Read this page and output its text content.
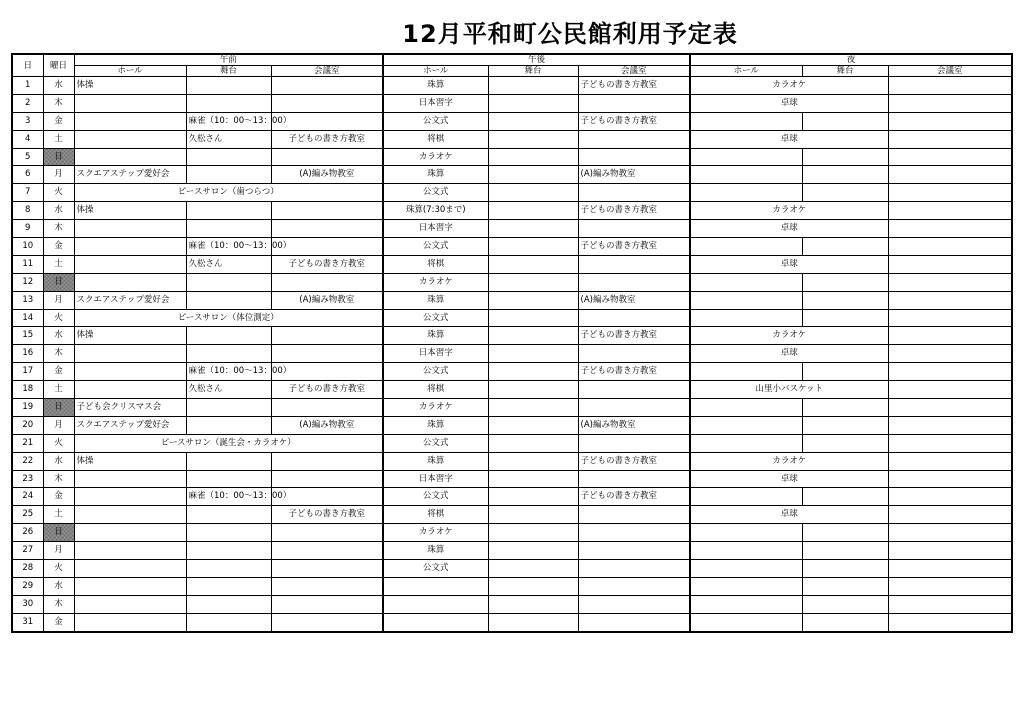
12月平和町公民館利用予定表
日	曜日	午前			午後			夜		
		ホール	舞台	会議室	ホール	舞台	会議室	ホール	舞台	会議室
1	水	体操			珠算		子どもの書き方教室	カラオケ		
2	木				日本習字			卓球		
3	金		麻雀（10：00～13：00）		公文式		子どもの書き方教室			
4	土		久松さん	子どもの書き方教室	将棋			卓球		
5	日				カラオケ					
6	月	スクエアステップ愛好会		(A)編み物教室	珠算		(A)編み物教室			
7	火	ピースサロン（歯つらつ）			公文式					
8	水	体操			珠算(7:30まで)		子どもの書き方教室	カラオケ		
9	木				日本習字			卓球		
10	金		麻雀（10：00～13：00）		公文式		子どもの書き方教室			
11	土		久松さん	子どもの書き方教室	将棋			卓球		
12	日				カラオケ					
13	月	スクエアステップ愛好会		(A)編み物教室	珠算		(A)編み物教室			
14	火	ピースサロン（体位測定）			公文式					
15	水	体操			珠算		子どもの書き方教室	カラオケ		
16	木				日本習字			卓球		
17	金		麻雀（10：00～13：00）		公文式		子どもの書き方教室			
18	土		久松さん	子どもの書き方教室	将棋			山里小バスケット		
19	日	子ども会クリスマス会			カラオケ					
20	月	スクエアステップ愛好会		(A)編み物教室	珠算		(A)編み物教室			
21	火	ピースサロン（誕生会・カラオケ）			公文式					
22	水	体操			珠算		子どもの書き方教室	カラオケ		
23	木				日本習字			卓球		
24	金		麻雀（10：00～13：00）		公文式		子どもの書き方教室			
25	土			子どもの書き方教室	将棋			卓球		
26	日				カラオケ					
27	月				珠算					
28	火				公文式					
29	水									
30	木									
31	金									
